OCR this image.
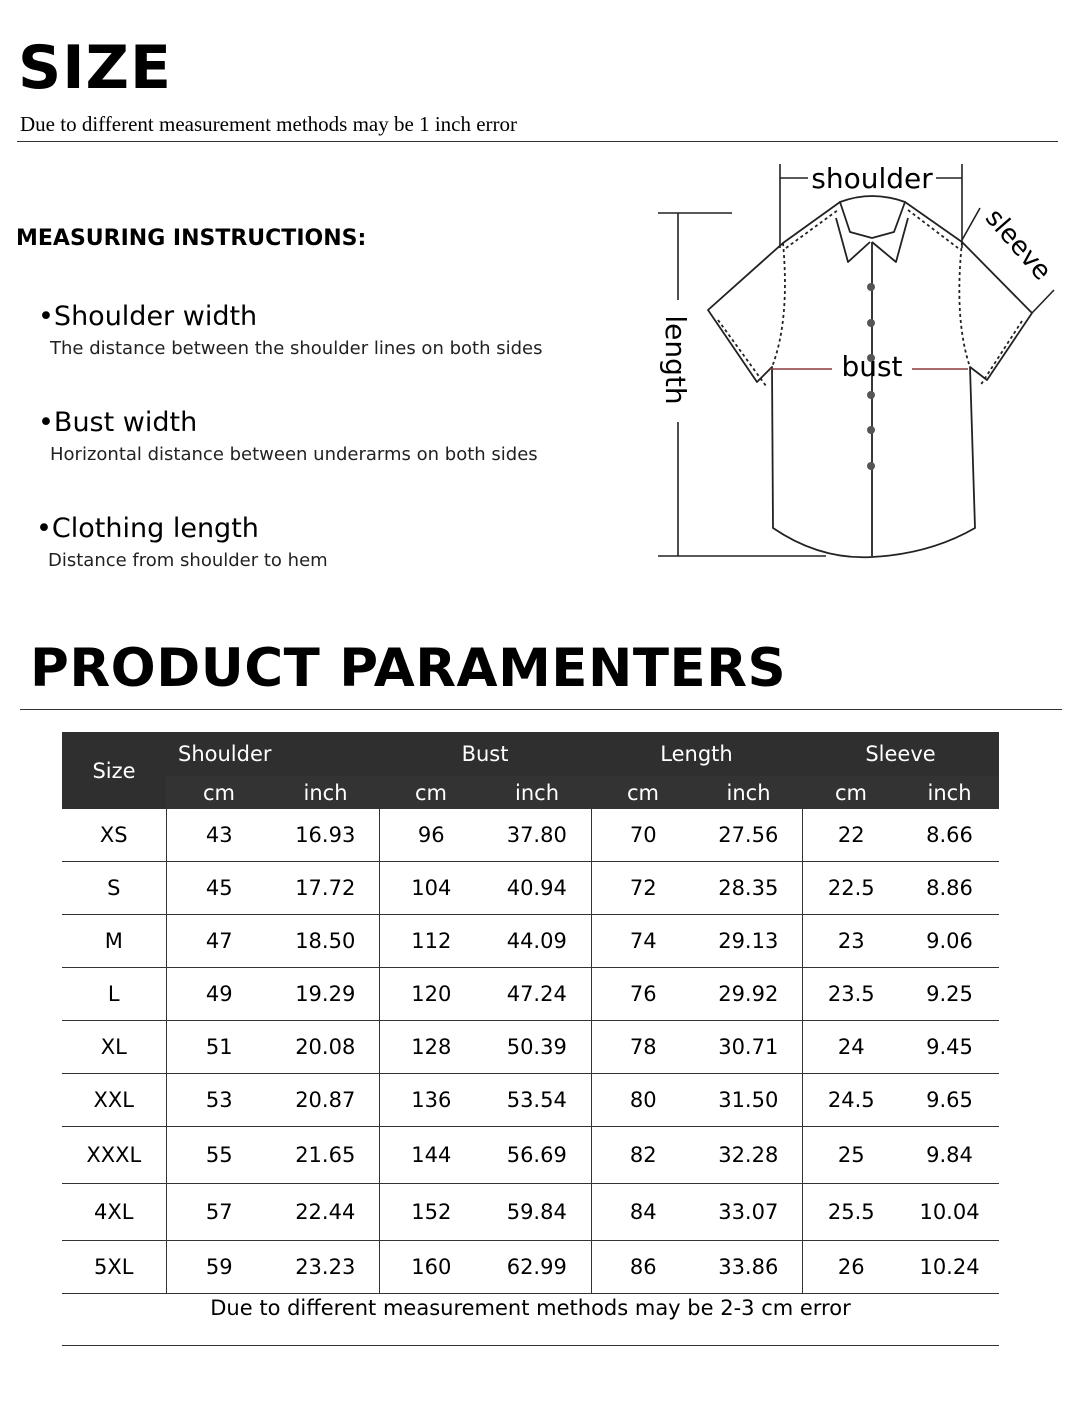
SIZE
Due to different measurement methods may be 1 inch error
MEASURING INSTRUCTIONS:
•Shoulder width
The distance between the shoulder lines on both sides
•Bust width
Horizontal distance between underarms on both sides
•Clothing length
Distance from shoulder to hem
shoulder
bust
length
sleeve
PRODUCT PARAMENTERS
Size	Shoulder		Bust		Length		Sleeve	
	cm	inch	cm	inch	cm	inch	cm	inch
XS	43	16.93	96	37.80	70	27.56	22	8.66
S	45	17.72	104	40.94	72	28.35	22.5	8.86
M	47	18.50	112	44.09	74	29.13	23	9.06
L	49	19.29	120	47.24	76	29.92	23.5	9.25
XL	51	20.08	128	50.39	78	30.71	24	9.45
XXL	53	20.87	136	53.54	80	31.50	24.5	9.65
XXXL	55	21.65	144	56.69	82	32.28	25	9.84
4XL	57	22.44	152	59.84	84	33.07	25.5	10.04
5XL	59	23.23	160	62.99	86	33.86	26	10.24
Due to different measurement methods may be 2-3 cm error
